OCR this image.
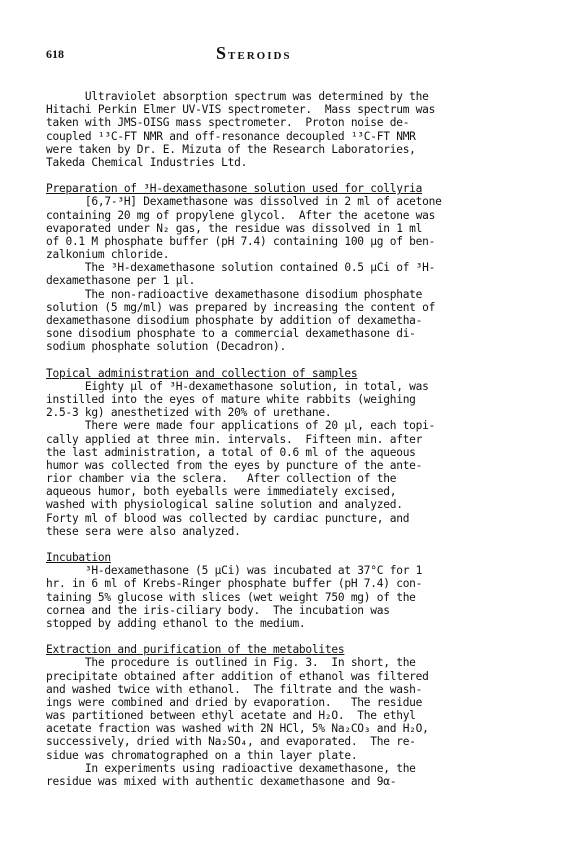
618	STEROIDS
Ultraviolet absorption spectrum was determined by the
Hitachi Perkin Elmer UV-VIS spectrometer.  Mass spectrum was
taken with JMS-OISG mass spectrometer.  Proton noise de-
coupled ¹³C-FT NMR and off-resonance decoupled ¹³C-FT NMR
were taken by Dr. E. Mizuta of the Research Laboratories,
Takeda Chemical Industries Ltd.
Preparation of ³H-dexamethasone solution used for collyria
[6,7-³H] Dexamethasone was dissolved in 2 ml of acetone
containing 20 mg of propylene glycol.  After the acetone was
evaporated under N₂ gas, the residue was dissolved in 1 ml
of 0.1 M phosphate buffer (pH 7.4) containing 100 μg of ben-
zalkonium chloride.
The ³H-dexamethasone solution contained 0.5 μCi of ³H-
dexamethasone per 1 μl.
The non-radioactive dexamethasone disodium phosphate
solution (5 mg/ml) was prepared by increasing the content of
dexamethasone disodium phosphate by addition of dexametha-
sone disodium phosphate to a commercial dexamethasone di-
sodium phosphate solution (Decadron).
Topical administration and collection of samples
Eighty μl of ³H-dexamethasone solution, in total, was
instilled into the eyes of mature white rabbits (weighing
2.5-3 kg) anesthetized with 20% of urethane.
There were made four applications of 20 μl, each topi-
cally applied at three min. intervals.  Fifteen min. after
the last administration, a total of 0.6 ml of the aqueous
humor was collected from the eyes by puncture of the ante-
rior chamber via the sclera.   After collection of the
aqueous humor, both eyeballs were immediately excised,
washed with physiological saline solution and analyzed.
Forty ml of blood was collected by cardiac puncture, and
these sera were also analyzed.
Incubation
³H-dexamethasone (5 μCi) was incubated at 37°C for 1
hr. in 6 ml of Krebs-Ringer phosphate buffer (pH 7.4) con-
taining 5% glucose with slices (wet weight 750 mg) of the
cornea and the iris-ciliary body.  The incubation was
stopped by adding ethanol to the medium.
Extraction and purification of the metabolites
The procedure is outlined in Fig. 3.  In short, the
precipitate obtained after addition of ethanol was filtered
and washed twice with ethanol.  The filtrate and the wash-
ings were combined and dried by evaporation.   The residue
was partitioned between ethyl acetate and H₂O.  The ethyl
acetate fraction was washed with 2N HCl, 5% Na₂CO₃ and H₂O,
successively, dried with Na₂SO₄, and evaporated.  The re-
sidue was chromatographed on a thin layer plate.
In experiments using radioactive dexamethasone, the
residue was mixed with authentic dexamethasone and 9α-
